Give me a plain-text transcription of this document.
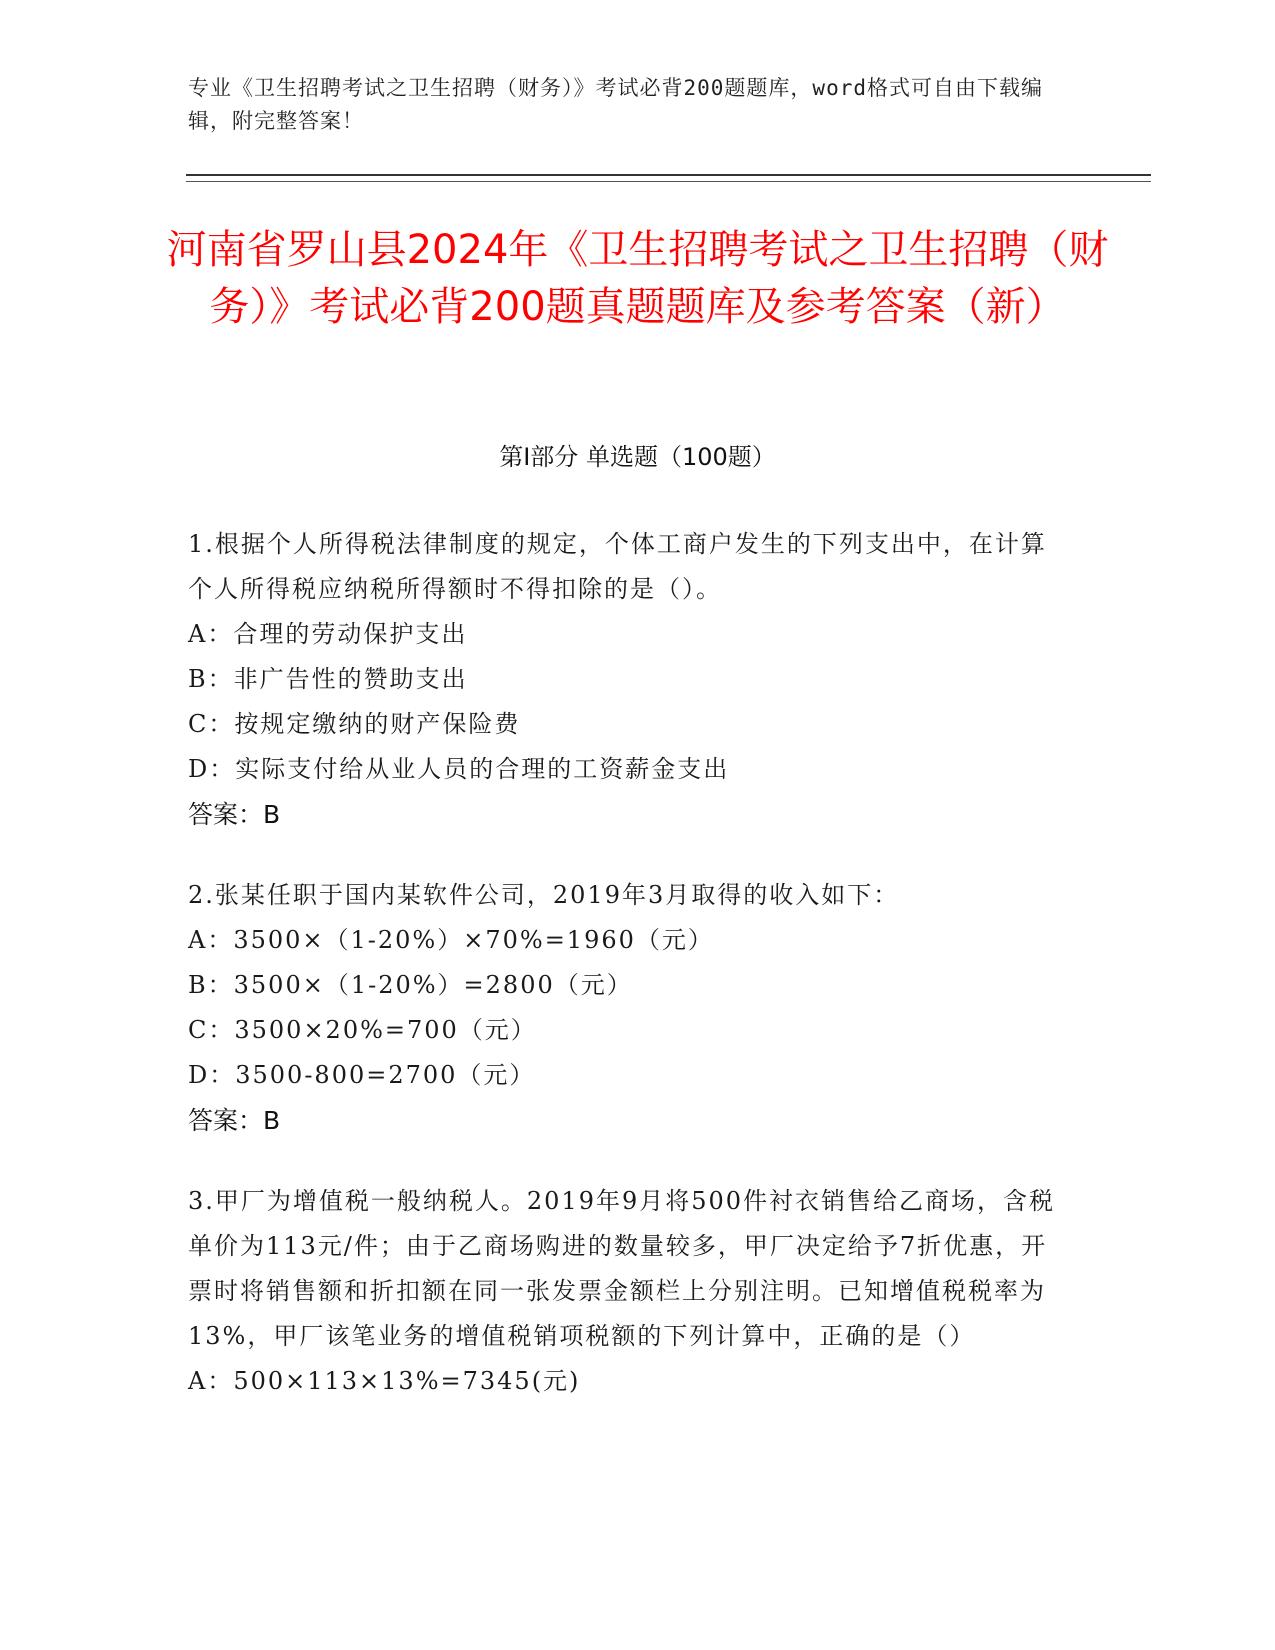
专业《卫生招聘考试之卫生招聘（财务）》考试必背200题题库，word格式可自由下载编辑，附完整答案！
河南省罗山县2024年《卫生招聘考试之卫生招聘（财务）》考试必背200题真题题库及参考答案（新）
第Ⅰ部分 单选题（100题）
1.根据个人所得税法律制度的规定，个体工商户发生的下列支出中，在计算个人所得税应纳税所得额时不得扣除的是（）。
A：合理的劳动保护支出
B：非广告性的赞助支出
C：按规定缴纳的财产保险费
D：实际支付给从业人员的合理的工资薪金支出
答案：B
2.张某任职于国内某软件公司，2019年3月取得的收入如下：
A：3500×（1-20%）×70%=1960（元）
B：3500×（1-20%）=2800（元）
C：3500×20%=700（元）
D：3500-800=2700（元）
答案：B
3.甲厂为增值税一般纳税人。2019年9月将500件衬衣销售给乙商场，含税单价为113元/件；由于乙商场购进的数量较多，甲厂决定给予7折优惠，开票时将销售额和折扣额在同一张发票金额栏上分别注明。已知增值税税率为13%，甲厂该笔业务的增值税销项税额的下列计算中，正确的是（）
A：500×113×13%=7345(元)
